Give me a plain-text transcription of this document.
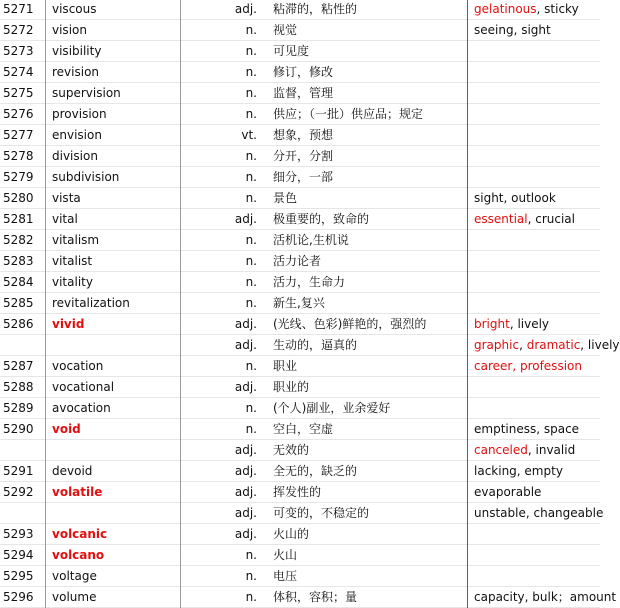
5271	viscous	adj.	粘滞的，粘性的	gelatinous, sticky
5272	vision	n.	视觉	seeing, sight
5273	visibility	n.	可见度	
5274	revision	n.	修订，修改	
5275	supervision	n.	监督，管理	
5276	provision	n.	供应；（一批）供应品；规定	
5277	envision	vt.	想象，预想	
5278	division	n.	分开，分割	
5279	subdivision	n.	细分，一部	
5280	vista	n.	景色	sight, outlook
5281	vital	adj.	极重要的，致命的	essential, crucial
5282	vitalism	n.	活机论,生机说	
5283	vitalist	n.	活力论者	
5284	vitality	n.	活力，生命力	
5285	revitalization	n.	新生,复兴	
5286	vivid	adj.	(光线、色彩)鲜艳的，强烈的	bright, lively
		adj.	生动的，逼真的	graphic, dramatic, lively
5287	vocation	n.	职业	career, profession
5288	vocational	adj.	职业的	
5289	avocation	n.	(个人)副业，业余爱好	
5290	void	n.	空白，空虚	emptiness, space
		adj.	无效的	canceled, invalid
5291	devoid	adj.	全无的，缺乏的	lacking, empty
5292	volatile	adj.	挥发性的	evaporable
		adj.	可变的，不稳定的	unstable, changeable
5293	volcanic	adj.	火山的	
5294	volcano	n.	火山	
5295	voltage	n.	电压	
5296	volume	n.	体积，容积；量	capacity, bulk；amount
